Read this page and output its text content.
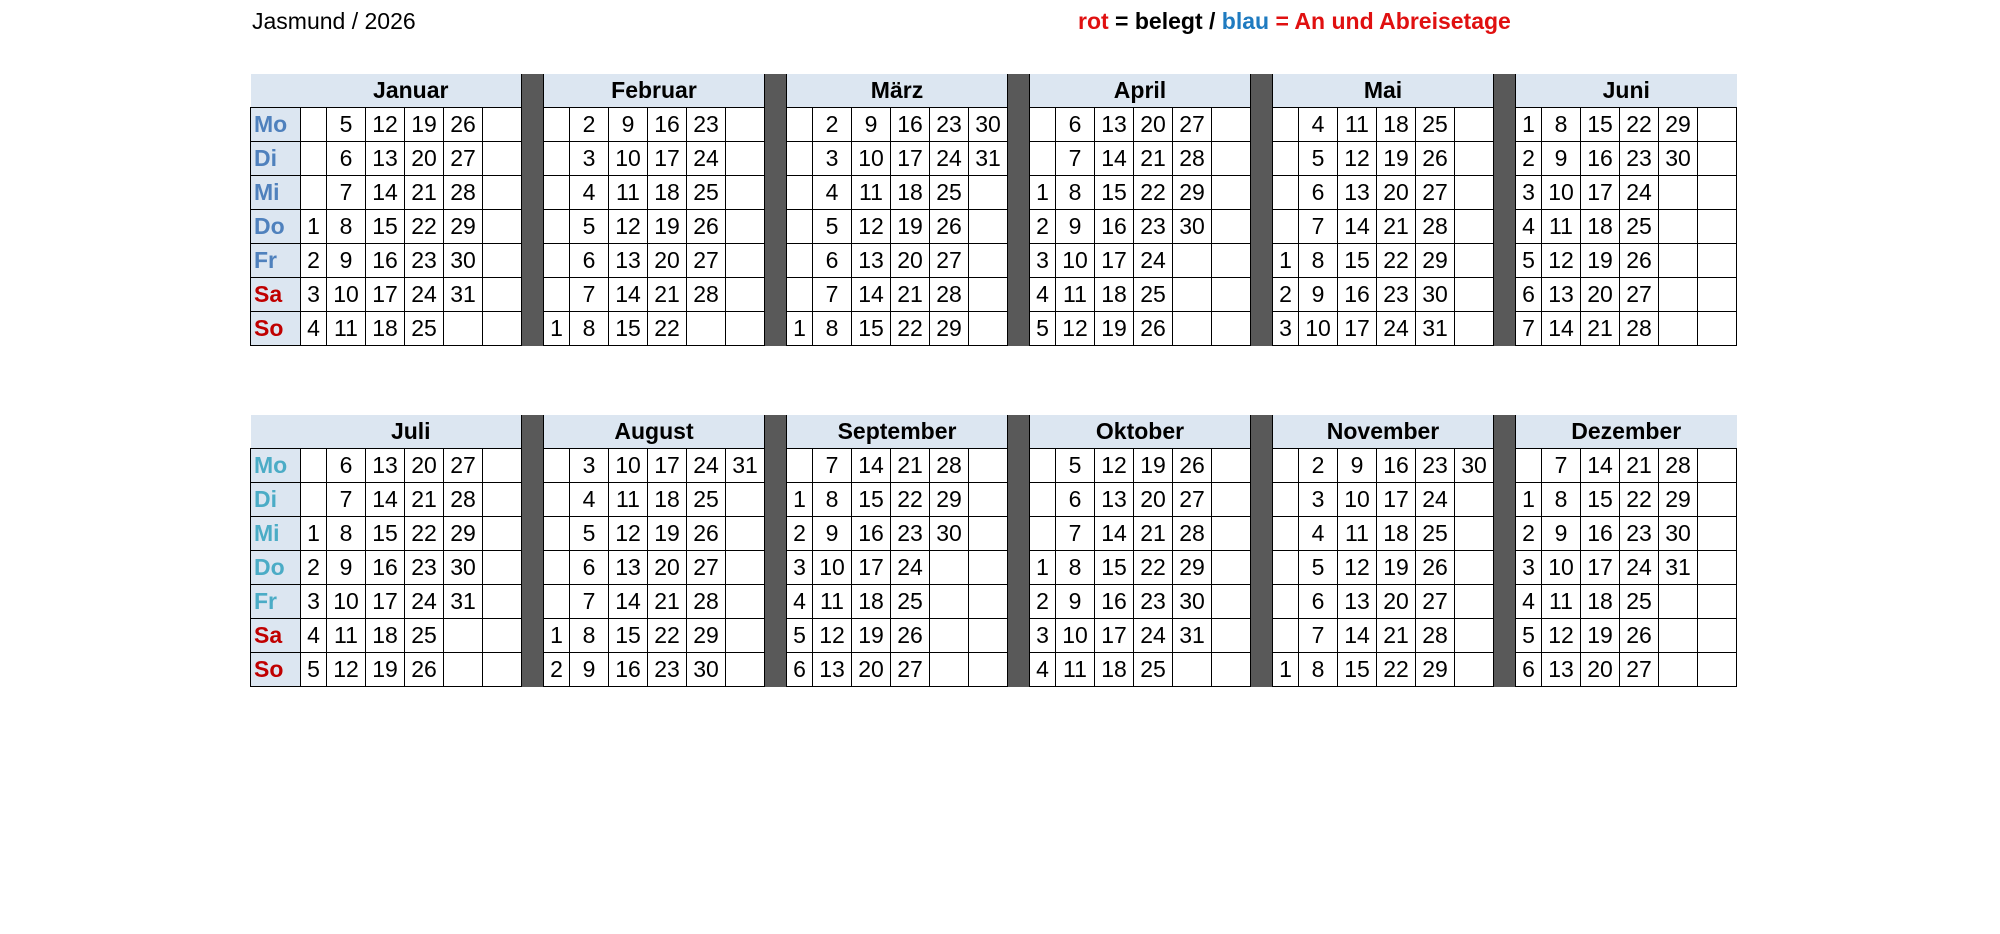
Jasmund / 2026	rot = belegt / blau = An und Abreisetage
	Januar							Februar							März							April							Mai							Juni					
Mo		5	12	19	26				2	9	16	23				2	9	16	23	30			6	13	20	27				4	11	18	25			1	8	15	22	29	
Di		6	13	20	27				3	10	17	24				3	10	17	24	31			7	14	21	28				5	12	19	26			2	9	16	23	30	
Mi		7	14	21	28				4	11	18	25				4	11	18	25			1	8	15	22	29				6	13	20	27			3	10	17	24		
Do	1	8	15	22	29				5	12	19	26				5	12	19	26			2	9	16	23	30				7	14	21	28			4	11	18	25		
Fr	2	9	16	23	30				6	13	20	27				6	13	20	27			3	10	17	24				1	8	15	22	29			5	12	19	26		
Sa	3	10	17	24	31				7	14	21	28				7	14	21	28			4	11	18	25				2	9	16	23	30			6	13	20	27		
So	4	11	18	25				1	8	15	22				1	8	15	22	29			5	12	19	26				3	10	17	24	31			7	14	21	28		
	Juli							August							September							Oktober							November							Dezember					
Mo		6	13	20	27				3	10	17	24	31			7	14	21	28				5	12	19	26				2	9	16	23	30			7	14	21	28	
Di		7	14	21	28				4	11	18	25			1	8	15	22	29				6	13	20	27				3	10	17	24			1	8	15	22	29	
Mi	1	8	15	22	29				5	12	19	26			2	9	16	23	30				7	14	21	28				4	11	18	25			2	9	16	23	30	
Do	2	9	16	23	30				6	13	20	27			3	10	17	24				1	8	15	22	29				5	12	19	26			3	10	17	24	31	
Fr	3	10	17	24	31				7	14	21	28			4	11	18	25				2	9	16	23	30				6	13	20	27			4	11	18	25		
Sa	4	11	18	25				1	8	15	22	29			5	12	19	26				3	10	17	24	31				7	14	21	28			5	12	19	26		
So	5	12	19	26				2	9	16	23	30			6	13	20	27				4	11	18	25				1	8	15	22	29			6	13	20	27		
